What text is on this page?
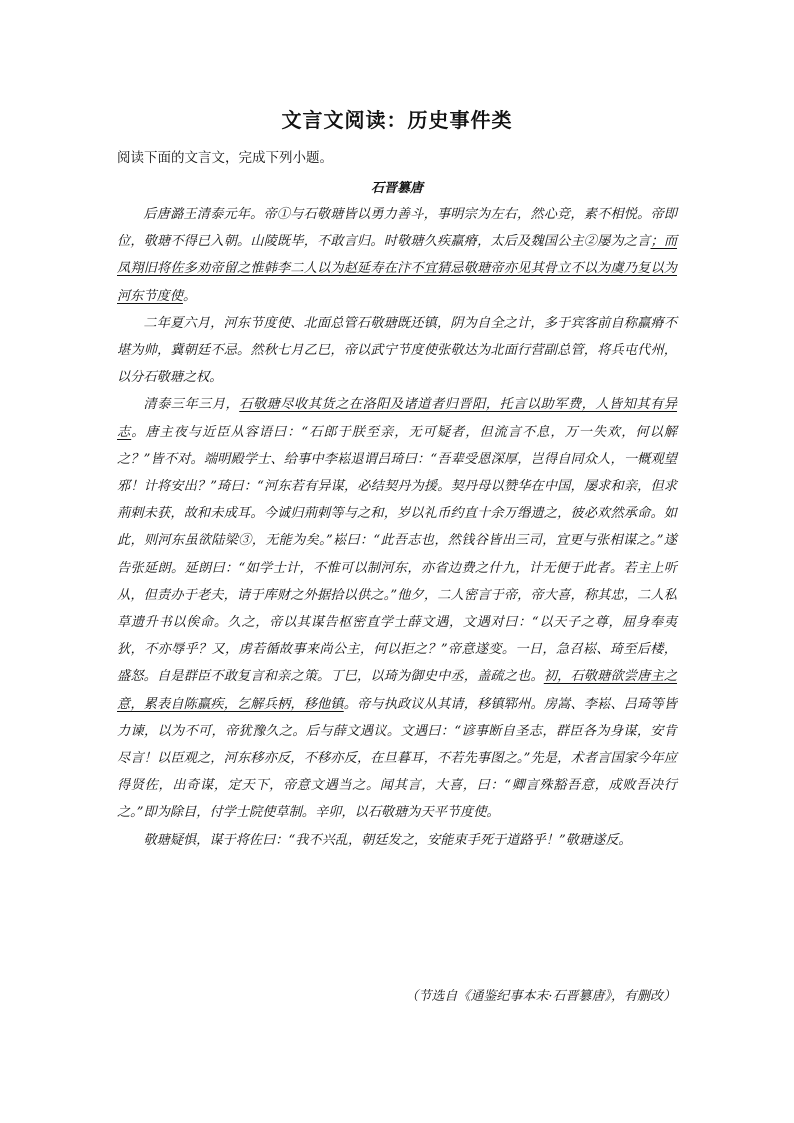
文言文阅读：历史事件类
阅读下面的文言文，完成下列小题。
石晋篡唐

后唐潞王清泰元年。帝①与石敬瑭皆以勇力善斗，事明宗为左右，然心竞，素不相悦。帝即位，敬瑭不得已入朝。山陵既毕，不敢言归。时敬瑭久疾羸瘠，太后及魏国公主②屡为之言；而凤翔旧将佐多劝帝留之惟韩李二人以为赵延寿在汴不宜猜忌敬瑭帝亦见其骨立不以为虞乃复以为河东节度使。

二年夏六月，河东节度使、北面总管石敬瑭既还镇，阴为自全之计，多于宾客前自称羸瘠不堪为帅，冀朝廷不忌。然秋七月乙巳，帝以武宁节度使张敬达为北面行营副总管，将兵屯代州，以分石敬瑭之权。

清泰三年三月，石敬瑭尽收其货之在洛阳及诸道者归晋阳，托言以助军费，人皆知其有异志。唐主夜与近臣从容语曰：“石郎于朕至亲，无可疑者，但流言不息，万一失欢，何以解之？”皆不对。端明殿学士、给事中李崧退谓吕琦曰：“吾辈受恩深厚，岂得自同众人，一概观望邪！计将安出？”琦曰：“河东若有异谋，必结契丹为援。契丹母以赞华在中国，屡求和亲，但求荊剌未获，故和未成耳。今诚归荊剌等与之和，岁以礼币约直十余万缗遗之，彼必欢然承命。如此，则河东虽欲陆梁③，无能为矣。”崧曰：“此吾志也，然钱谷皆出三司，宜更与张相谋之。”遂告张延朗。延朗曰：“如学士计，不惟可以制河东，亦省边费之什九，计无便于此者。若主上听从，但责办于老夫，请于库财之外据拾以供之。”他夕，二人密言于帝，帝大喜，称其忠，二人私草遗升书以俟命。久之，帝以其谋告枢密直学士薛文遇，文遇对曰：“以天子之尊，屈身奉夷狄，不亦辱乎？又，虏若循故事来尚公主，何以拒之？”帝意遂变。一日，急召崧、琦至后楼，盛怒。自是群臣不敢复言和亲之策。丁巳，以琦为御史中丞，盖疏之也。初，石敬瑭欲尝唐主之意，累表自陈羸疾，乞解兵柄，移他镇。帝与执政议从其请，移镇郓州。房嵩、李崧、吕琦等皆力谏，以为不可，帝犹豫久之。后与薛文遇议。文遇曰：“谚事断自圣志，群臣各为身谋，安肯尽言！以臣观之，河东移亦反，不移亦反，在旦暮耳，不若先事图之。”先是，术者言国家今年应得贤佐，出奇谋，定天下，帝意文遇当之。闻其言，大喜，曰：“卿言殊豁吾意，成败吾决行之。”即为除目，付学士院使草制。辛卯，以石敬瑭为天平节度使。

敬瑭疑惧，谋于将佐曰：“我不兴乱，朝廷发之，安能束手死于道路乎！”敬瑭遂反。

（节选自《通鉴纪事本末·石晋篡唐》，有删改）
